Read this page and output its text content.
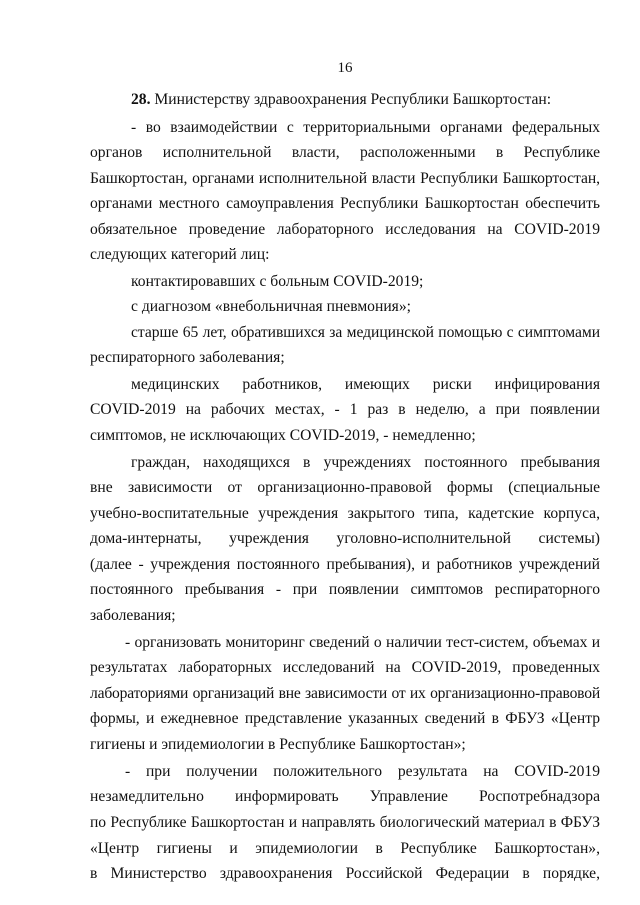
16
28. Министерству здравоохранения Республики Башкортостан:
- во взаимодействии с территориальными органами федеральных
органов исполнительной власти, расположенными в Республике
Башкортостан, органами исполнительной власти Республики Башкортостан,
органами местного самоуправления Республики Башкортостан обеспечить
обязательное проведение лабораторного исследования на COVID-2019
следующих категорий лиц:
контактировавших с больным COVID-2019;
с диагнозом «внебольничная пневмония»;
старше 65 лет, обратившихся за медицинской помощью с симптомами
респираторного заболевания;
медицинских работников, имеющих риски инфицирования
COVID-2019 на рабочих местах, - 1 раз в неделю, а при появлении
симптомов, не исключающих COVID-2019, - немедленно;
граждан, находящихся в учреждениях постоянного пребывания
вне зависимости от организационно-правовой формы (специальные
учебно-воспитательные учреждения закрытого типа, кадетские корпуса,
дома-интернаты, учреждения уголовно-исполнительной системы)
(далее - учреждения постоянного пребывания), и работников учреждений
постоянного пребывания - при появлении симптомов респираторного
заболевания;
- организовать мониторинг сведений о наличии тест-систем, объемах и
результатах лабораторных исследований на COVID-2019, проведенных
лабораториями организаций вне зависимости от их организационно-правовой
формы, и ежедневное представление указанных сведений в ФБУЗ «Центр
гигиены и эпидемиологии в Республике Башкортостан»;
- при получении положительного результата на COVID-2019
незамедлительно информировать Управление Роспотребнадзора
по Республике Башкортостан и направлять биологический материал в ФБУЗ
«Центр гигиены и эпидемиологии в Республике Башкортостан»,
в Министерство здравоохранения Российской Федерации в порядке,
